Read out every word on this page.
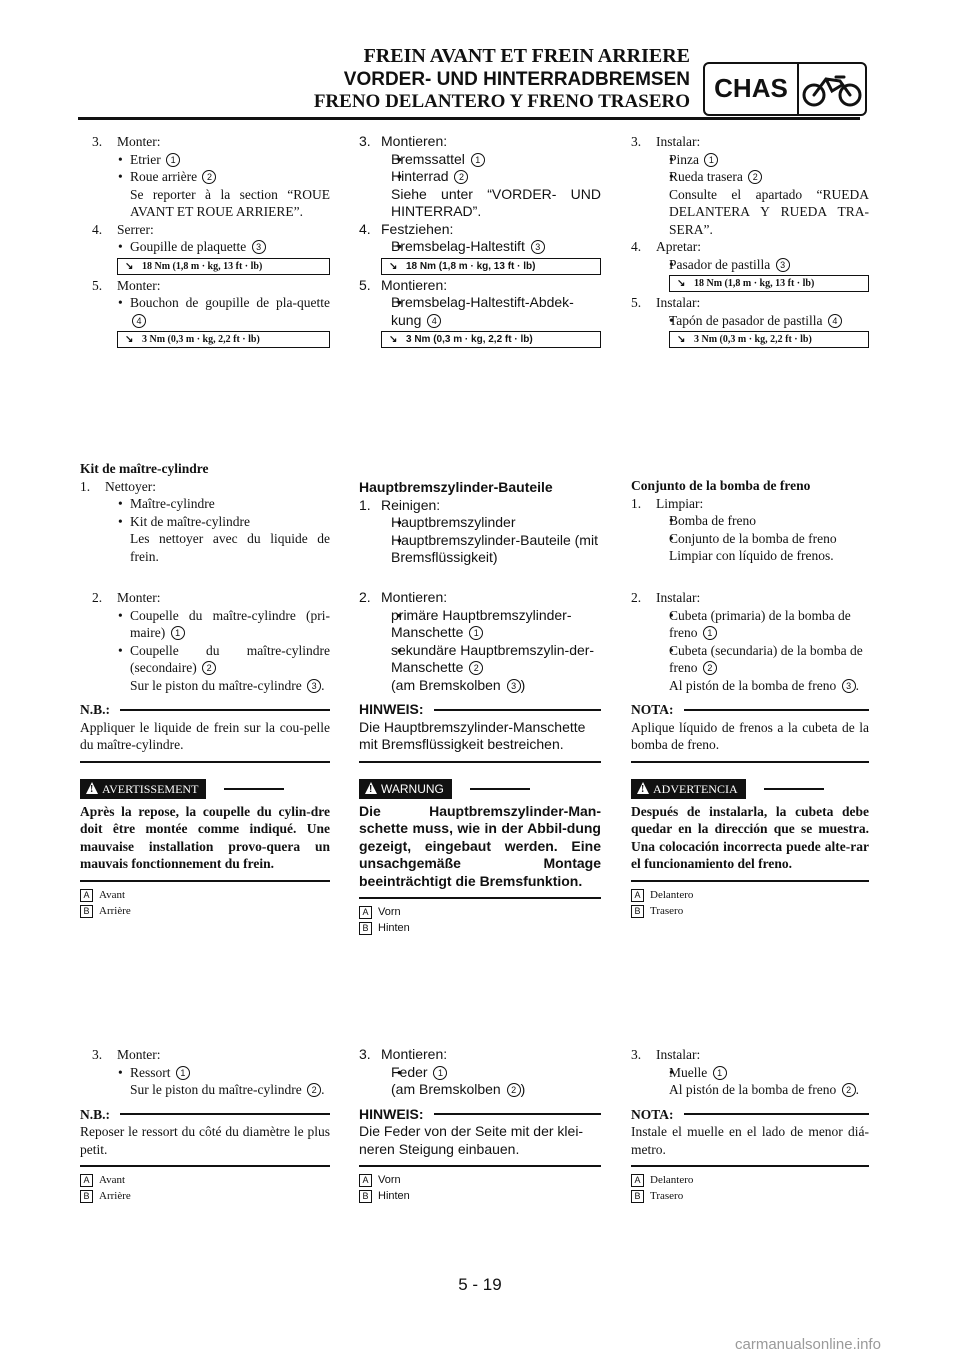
FREIN AVANT ET FREIN ARRIERE
VORDER- UND HINTERRADBREMSEN
FRENO DELANTERO Y FRENO TRASERO CHAS
3. Monter:
• Etrier 1
• Roue arrière 2
Se reporter à la section “ROUE AVANT ET ROUE ARRIERE”.
4. Serrer:
• Goupille de plaquette 3
↘ 18 Nm (1,8 m · kg, 13 ft · lb)
5. Monter:
• Bouchon de goupille de pla-quette 4
↘ 3 Nm (0,3 m · kg, 2,2 ft · lb)
Kit de maître-cylindre
1. Nettoyer:
• Maître-cylindre
• Kit de maître-cylindre
Les nettoyer avec du liquide de frein.
2. Monter:
• Coupelle du maître-cylindre (pri-maire) 1
• Coupelle du maître-cylindre (secondaire) 2
Sur le piston du maître-cylindre 3 .
N.B.:
Appliquer le liquide de frein sur la cou-pelle du maître-cylindre.
! ! AVERTISSEMENT
Après la repose, la coupelle du cylin-dre doit être montée comme indiqué. Une mauvaise installation provo-quera un mauvais fonctionnement du frein.
A Avant
B Arrière
3. Monter:
• Ressort 1
Sur le piston du maître-cylindre 2 .
N.B.:
Reposer le ressort du côté du diamètre le plus petit.
A Avant
B Arrière
3. Montieren:
• Bremssattel 1
• Hinterrad 2
Siehe unter “VORDER- UND HINTERRAD”.
4. Festziehen:
• Bremsbelag-Haltestift 3
↘ 18 Nm (1,8 m · kg, 13 ft · lb)
5. Montieren:
• Bremsbelag-Haltestift-Abdek-kung 4
↘ 3 Nm (0,3 m · kg, 2,2 ft · lb)
Hauptbremszylinder-Bauteile
1. Reinigen:
• Hauptbremszylinder
• Hauptbremszylinder-Bauteile (mit Bremsflüssigkeit)
2. Montieren:
• primäre Hauptbremszylinder-Manschette 1
• sekundäre Hauptbremszylin-der-Manschette 2
(am Bremskolben 3 )
HINWEIS:
Die Hauptbremszylinder-Manschette mit Bremsflüssigkeit bestreichen.
! ! WARNUNG
Die Hauptbremszylinder-Man-schette muss, wie in der Abbil-dung gezeigt, eingebaut werden. Eine unsachgemäße Montage beeinträchtigt die Bremsfunktion.
A Vorn
B Hinten
3. Montieren:
• Feder 1
(am Bremskolben 2 )
HINWEIS:
Die Feder von der Seite mit der klei-neren Steigung einbauen.
A Vorn
B Hinten
3. Instalar:
• Pinza 1
• Rueda trasera 2
Consulte el apartado “RUEDA DELANTERA Y RUEDA TRA-SERA”.
4. Apretar:
• Pasador de pastilla 3
↘ 18 Nm (1,8 m · kg, 13 ft · lb)
5. Instalar:
• Tapón de pasador de pastilla 4
↘ 3 Nm (0,3 m · kg, 2,2 ft · lb)
Conjunto de la bomba de freno
1. Limpiar:
• Bomba de freno
• Conjunto de la bomba de freno
Limpiar con líquido de frenos.
2. Instalar:
• Cubeta (primaria) de la bomba de freno 1
• Cubeta (secundaria) de la bomba de freno 2
Al pistón de la bomba de freno 3 .
NOTA:
Aplique líquido de frenos a la cubeta de la bomba de freno.
! ! ADVERTENCIA
Después de instalarla, la cubeta debe quedar en la dirección que se muestra. Una colocación incorrecta puede alte-rar el funcionamiento del freno.
A Delantero
B Trasero
3. Instalar:
• Muelle 1
Al pistón de la bomba de freno 2 .
NOTA:
Instale el muelle en el lado de menor diá-metro.
A Delantero
B Trasero
5 - 19
carmanualsonline.info
